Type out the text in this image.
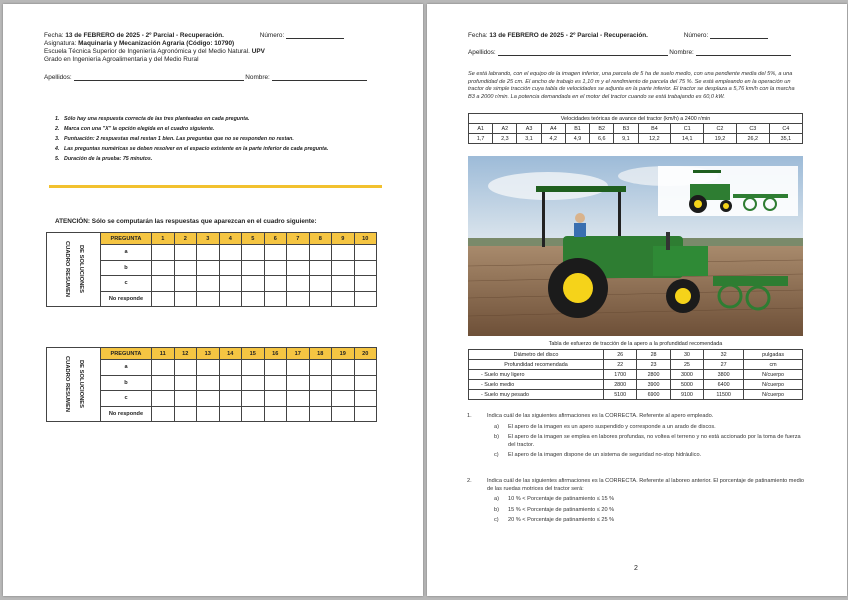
Fecha: 13 de FEBRERO de 2025 - 2º Parcial - Recuperación.	Número:
Asignatura: Maquinaria y Mecanización Agraria (Código: 10790)
Escuela Técnica Superior de Ingeniería Agronómica y del Medio Natural. UPV
Grado en Ingeniería Agroalimentaria y del Medio Rural
Apellidos:	Nombre:
1. Sólo hay una respuesta correcta de las tres planteadas en cada pregunta.
2. Marca con una "X" la opción elegida en el cuadro siguiente.
3. Puntuación: 2 respuestas mal restan 1 bien. Las preguntas que no se responden no restan.
4. Las preguntas numéricas se deben resolver en el espacio existente en la parte inferior de cada pregunta.
5. Duración de la prueba: 75 minutos.
ATENCIÓN: Sólo se computarán las respuestas que aparezcan en el cuadro siguiente:
CUADRO RESUMEN DE SOLUCIONES	PREGUNTA	1	2	3	4	5	6	7	8	9	10
	a										
	b										
	c										
	No responde										
CUADRO RESUMEN DE SOLUCIONES	PREGUNTA	11	12	13	14	15	16	17	18	19	20
	a										
	b										
	c										
	No responde										
Fecha: 13 de FEBRERO de 2025 - 2º Parcial - Recuperación.	Número:
Apellidos:	Nombre:
Se está labrando, con el equipo de la imagen inferior, una parcela de 5 ha de suelo medio, con una pendiente media del 5%, a una profundidad de 25 cm. El ancho de trabajo es 1,10 m y el rendimiento de parcela del 75 %. Se está empleando en la operación un tractor de simple tracción cuya tabla de velocidades se adjunta en la parte inferior. El tractor se desplaza a 5,76 km/h con la marcha B3 a 2000 r/min. La potencia demandada en el motor del tractor cuando se está trabajando es 60,0 kW.
Velocidades teóricas de avance del tractor (km/h) a 2400 r/min											
A1	A2	A3	A4	B1	B2	B3	B4	C1	C2	C3	C4
1,7	2,3	3,1	4,2	4,9	6,6	9,1	12,2	14,1	19,2	26,2	35,1
Tabla de esfuerzo de tracción de la apero a la profundidad recomendada
Diámetro del disco	26	28	30	32	pulgadas
Profundidad recomendada	22	23	25	27	cm
- Suelo muy ligero	1700	2800	3000	3800	N/cuerpo
- Suelo medio	2800	3900	5000	6400	N/cuerpo
- Suelo muy pesado	5100	6900	9100	11500	N/cuerpo
1.	Indica cuál de las siguientes afirmaciones es la CORRECTA. Referente al apero empleado.
a) El apero de la imagen es un apero suspendido y corresponde a un arado de discos.
b) El apero de la imagen se emplea en labores profundas, no voltea el terreno y no está accionado por la toma de fuerza del tractor.
c) El apero de la imagen dispone de un sistema de seguridad no-stop hidráulico.
2.	Indica cuál de las siguientes afirmaciones es la CORRECTA. Referente al laboreo anterior. El porcentaje de patinamiento medio de las ruedas motrices del tractor será:
a) 10 % < Porcentaje de patinamiento ≤ 15 %
b) 15 % < Porcentaje de patinamiento ≤ 20 %
c) 20 % < Porcentaje de patinamiento ≤ 25 %
2
